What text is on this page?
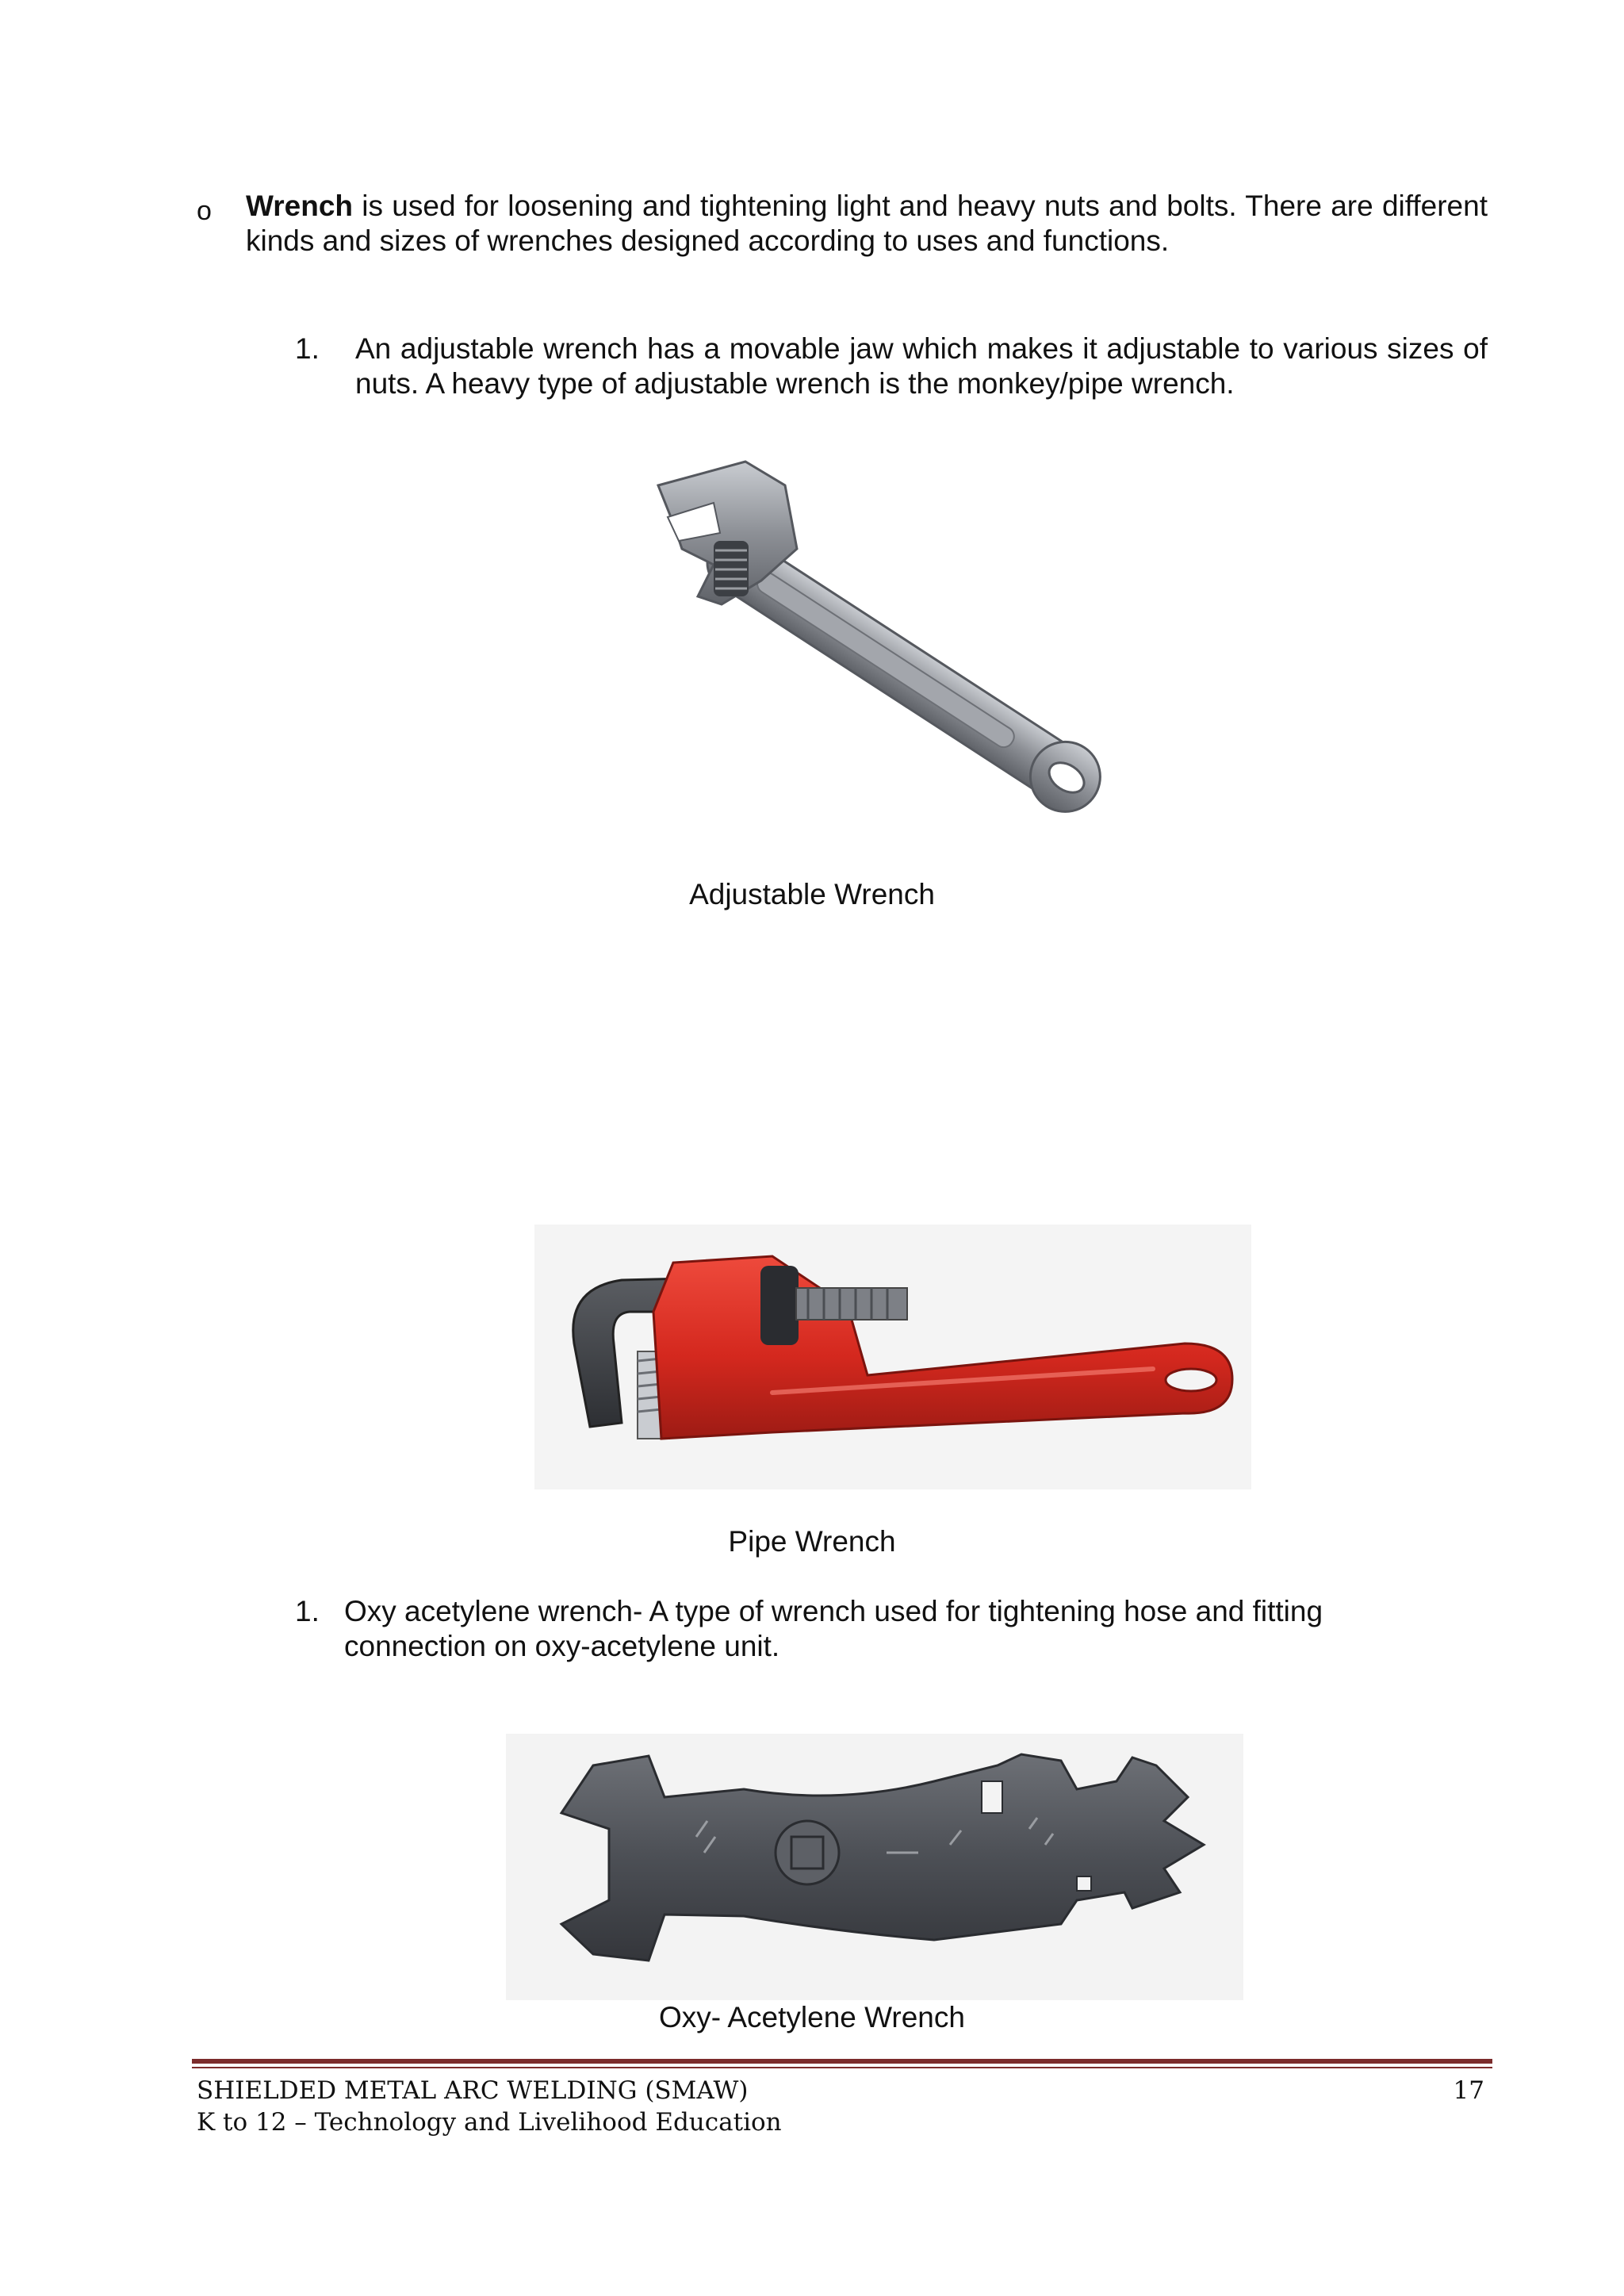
o Wrench is used for loosening and tightening light and heavy nuts and bolts. There are different kinds and sizes of wrenches designed according to uses and functions.
1. An adjustable wrench has a movable jaw which makes it adjustable to various sizes of nuts. A heavy type of adjustable wrench is the monkey/pipe wrench.
Adjustable Wrench
Pipe Wrench
1. Oxy acetylene wrench- A type of wrench used for tightening hose and fitting connection on oxy-acetylene unit.
Oxy- Acetylene Wrench
SHIELDED METAL ARC WELDING (SMAW)
K to 12 – Technology and Livelihood Education
17
